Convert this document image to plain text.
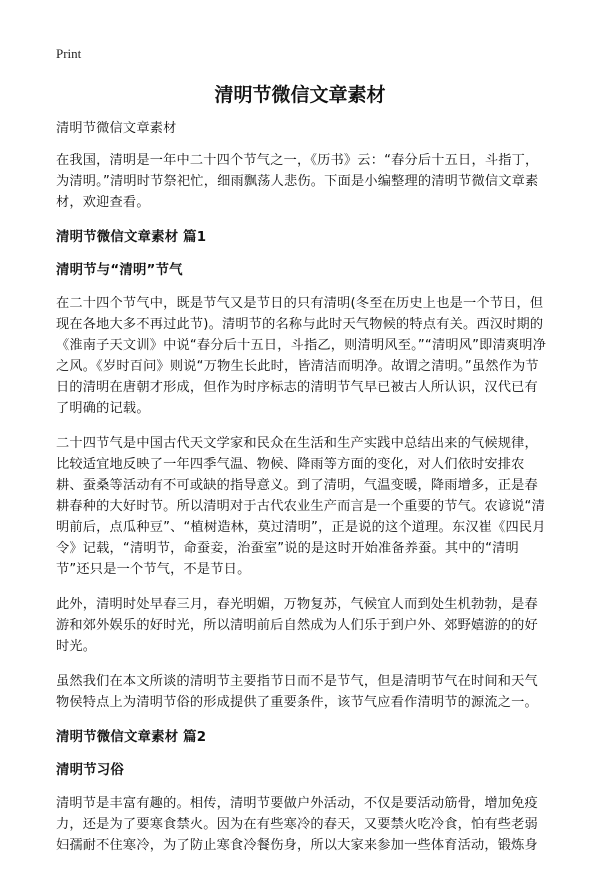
Print
清明节微信文章素材

清明节微信文章素材

在我国，清明是一年中二十四个节气之一，《历书》云：“春分后十五日，斗指丁，为清明。”清明时节祭祀忙，细雨飘荡人悲伤。下面是小编整理的清明节微信文章素材，欢迎查看。

清明节微信文章素材 篇1

清明节与“清明”节气

在二十四个节气中，既是节气又是节日的只有清明(冬至在历史上也是一个节日，但现在各地大多不再过此节)。清明节的名称与此时天气物候的特点有关。西汉时期的《淮南子天文训》中说“春分后十五日，斗指乙，则清明风至。”“清明风”即清爽明净之风。《岁时百问》则说“万物生长此时，皆清洁而明净。故谓之清明。”虽然作为节日的清明在唐朝才形成，但作为时序标志的清明节气早已被古人所认识，汉代已有了明确的记载。

二十四节气是中国古代天文学家和民众在生活和生产实践中总结出来的气候规律，比较适宜地反映了一年四季气温、物候、降雨等方面的变化，对人们依时安排农耕、蚕桑等活动有不可或缺的指导意义。到了清明，气温变暖，降雨增多，正是春耕春种的大好时节。所以清明对于古代农业生产而言是一个重要的节气。农谚说“清明前后，点瓜种豆”、“植树造林，莫过清明”，正是说的这个道理。东汉崔《四民月令》记载，“清明节，命蚕妾，治蚕室”说的是这时开始准备养蚕。其中的“清明节”还只是一个节气，不是节日。

此外，清明时处早春三月，春光明媚，万物复苏，气候宜人而到处生机勃勃，是春游和郊外娱乐的好时光，所以清明前后自然成为人们乐于到户外、郊野嬉游的的好时光。

虽然我们在本文所谈的清明节主要指节日而不是节气，但是清明节气在时间和天气物侯特点上为清明节俗的形成提供了重要条件，该节气应看作清明节的源流之一。

清明节微信文章素材 篇2

清明节习俗

清明节是丰富有趣的。相传，清明节要做户外活动，不仅是要活动筋骨，增加免疫力，还是为了要寒食禁火。因为在有些寒冷的春天，又要禁火吃冷食，怕有些老弱妇孺耐不住寒冷，为了防止寒食冷餐伤身，所以大家来参加一些体育活动，锻炼身
